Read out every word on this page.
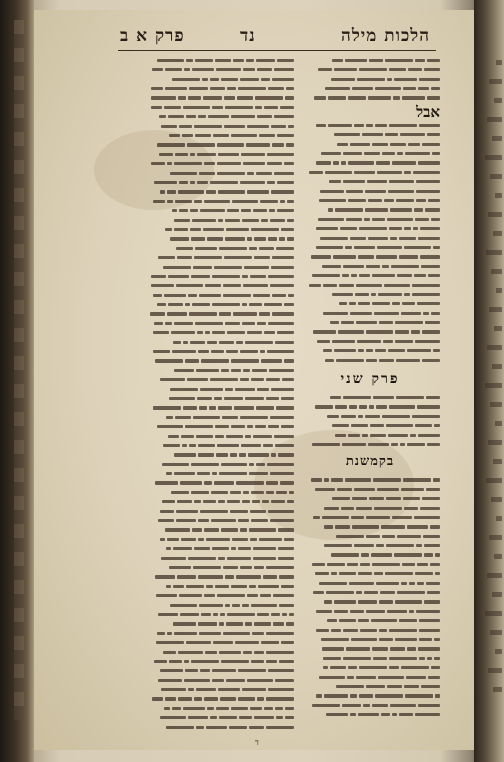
הלכות מילה
נד        פרק א ב
אבל
פרק שני
בקמשנת
ד
